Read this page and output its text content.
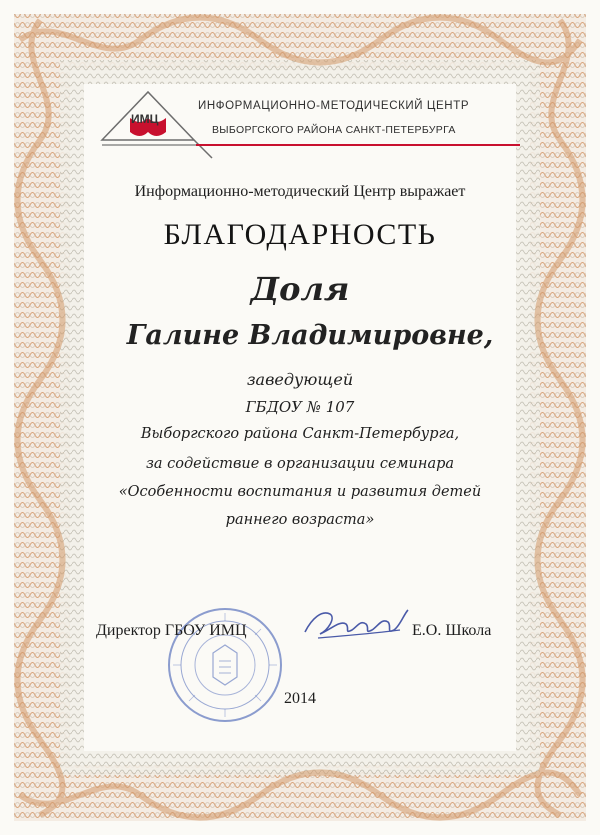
ИМЦ
ИНФОРМАЦИОННО-МЕТОДИЧЕСКИЙ ЦЕНТР
ВЫБОРГСКОГО РАЙОНА САНКТ-ПЕТЕРБУРГА
Информационно-методический Центр выражает
БЛАГОДАРНОСТЬ
Доля
Галине Владимировне,
заведующей
ГБДОУ № 107
Выборгского района Санкт-Петербурга,
за содействие в организации семинара
«Особенности воспитания и развития детей
раннего возраста»
Директор ГБОУ ИМЦ	Е.О. Школа
2014
